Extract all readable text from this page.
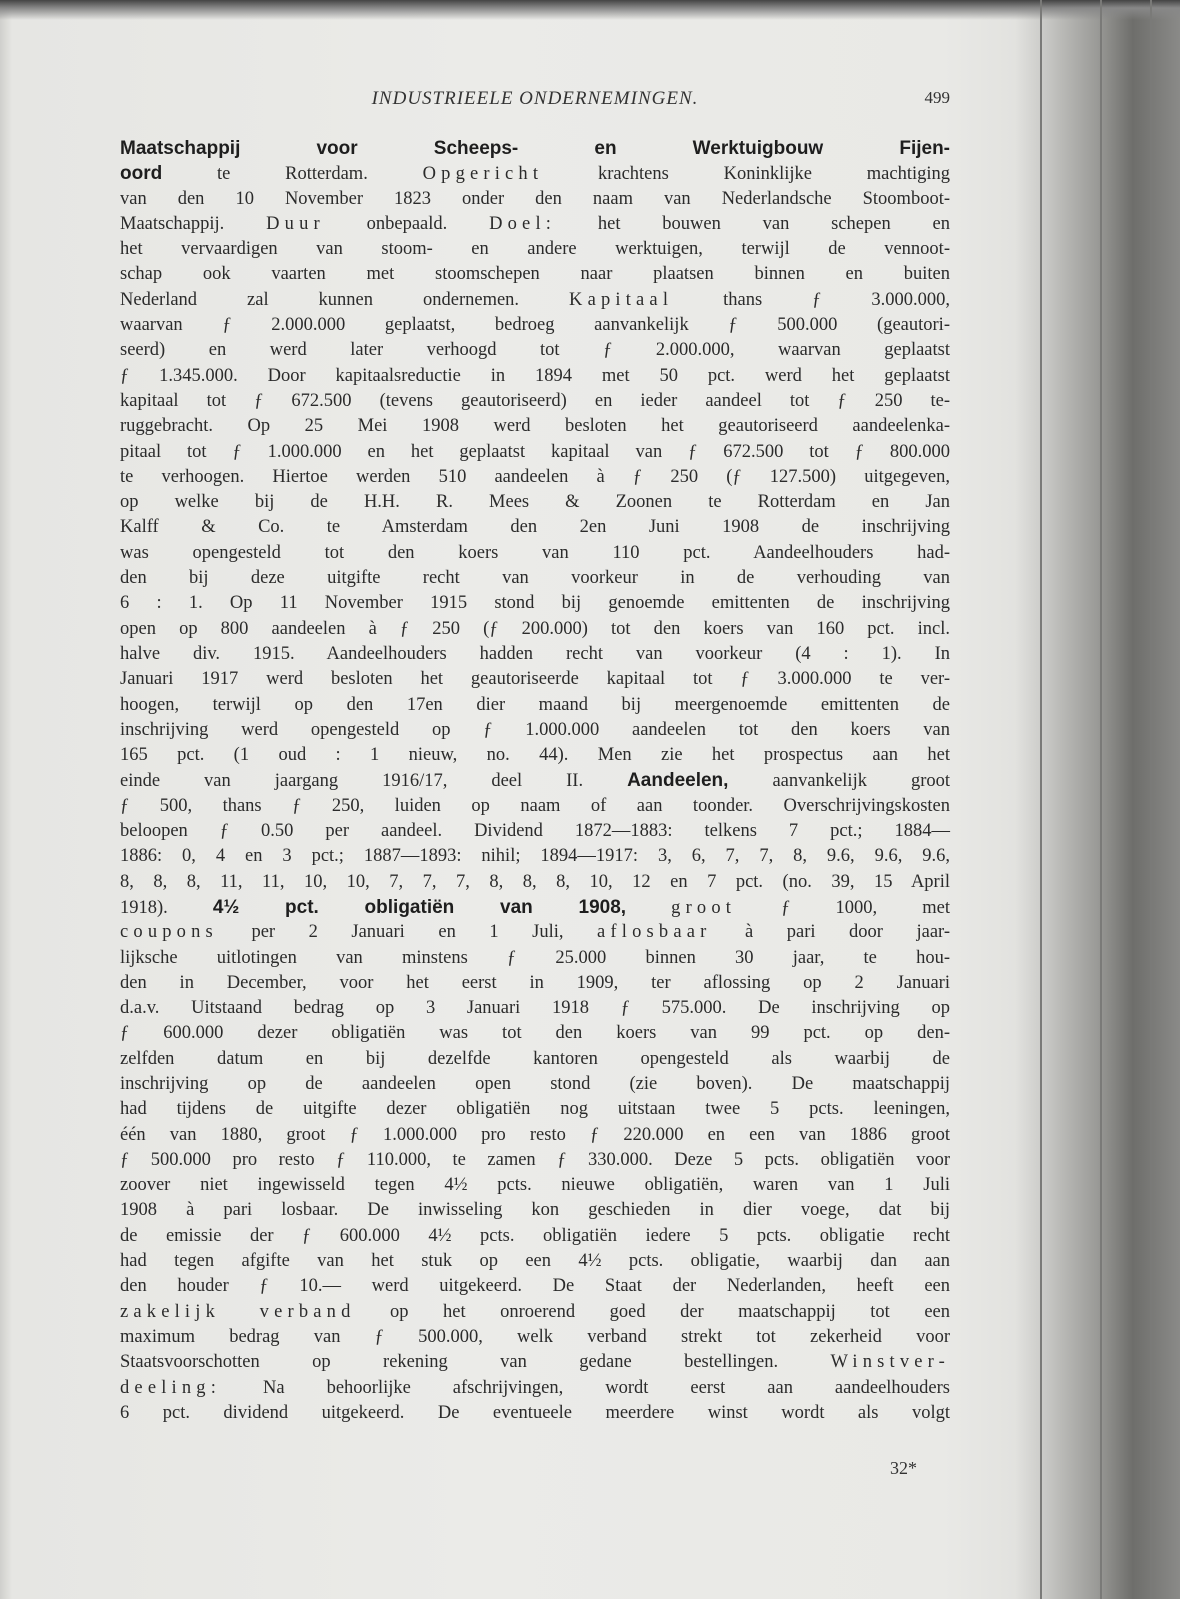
INDUSTRIEELE ONDERNEMINGEN.	499
Maatschappij voor Scheeps- en Werktuigbouw Fijen-
oord te Rotterdam. Opgericht krachtens Koninklijke machtiging
van den 10 November 1823 onder den naam van Nederlandsche Stoomboot-
Maatschappij. Duur onbepaald. Doel: het bouwen van schepen en
het vervaardigen van stoom- en andere werktuigen, terwijl de vennoot-
schap ook vaarten met stoomschepen naar plaatsen binnen en buiten
Nederland zal kunnen ondernemen. Kapitaal thans ƒ 3.000.000,
waarvan ƒ 2.000.000 geplaatst, bedroeg aanvankelijk ƒ 500.000 (geautori-
seerd) en werd later verhoogd tot ƒ 2.000.000, waarvan geplaatst
ƒ 1.345.000. Door kapitaalsreductie in 1894 met 50 pct. werd het geplaatst
kapitaal tot ƒ 672.500 (tevens geautoriseerd) en ieder aandeel tot ƒ 250 te-
ruggebracht. Op 25 Mei 1908 werd besloten het geautoriseerd aandeelenka-
pitaal tot ƒ 1.000.000 en het geplaatst kapitaal van ƒ 672.500 tot ƒ 800.000
te verhoogen. Hiertoe werden 510 aandeelen à ƒ 250 (ƒ 127.500) uitgegeven,
op welke bij de H.H. R. Mees & Zoonen te Rotterdam en Jan
Kalff & Co. te Amsterdam den 2en Juni 1908 de inschrijving
was opengesteld tot den koers van 110 pct. Aandeelhouders had-
den bij deze uitgifte recht van voorkeur in de verhouding van
6 : 1. Op 11 November 1915 stond bij genoemde emittenten de inschrijving
open op 800 aandeelen à ƒ 250 (ƒ 200.000) tot den koers van 160 pct. incl.
halve div. 1915. Aandeelhouders hadden recht van voorkeur (4 : 1). In
Januari 1917 werd besloten het geautoriseerde kapitaal tot ƒ 3.000.000 te ver-
hoogen, terwijl op den 17en dier maand bij meergenoemde emittenten de
inschrijving werd opengesteld op ƒ 1.000.000 aandeelen tot den koers van
165 pct. (1 oud : 1 nieuw, no. 44). Men zie het prospectus aan het
einde van jaargang 1916/17, deel II. Aandeelen, aanvankelijk groot
ƒ 500, thans ƒ 250, luiden op naam of aan toonder. Overschrijvingskosten
beloopen ƒ 0.50 per aandeel. Dividend 1872—1883: telkens 7 pct.; 1884—
1886: 0, 4 en 3 pct.; 1887—1893: nihil; 1894—1917: 3, 6, 7, 7, 8, 9.6, 9.6, 9.6,
8, 8, 8, 11, 11, 10, 10, 7, 7, 7, 8, 8, 8, 10, 12 en 7 pct. (no. 39, 15 April
1918). 4½ pct. obligatiën van 1908, groot ƒ 1000, met
coupons per 2 Januari en 1 Juli, aflosbaar à pari door jaar-
lijksche uitlotingen van minstens ƒ 25.000 binnen 30 jaar, te hou-
den in December, voor het eerst in 1909, ter aflossing op 2 Januari
d.a.v. Uitstaand bedrag op 3 Januari 1918 ƒ 575.000. De inschrijving op
ƒ 600.000 dezer obligatiën was tot den koers van 99 pct. op den-
zelfden datum en bij dezelfde kantoren opengesteld als waarbij de
inschrijving op de aandeelen open stond (zie boven). De maatschappij
had tijdens de uitgifte dezer obligatiën nog uitstaan twee 5 pcts. leeningen,
één van 1880, groot ƒ 1.000.000 pro resto ƒ 220.000 en een van 1886 groot
ƒ 500.000 pro resto ƒ 110.000, te zamen ƒ 330.000. Deze 5 pcts. obligatiën voor
zoover niet ingewisseld tegen 4½ pcts. nieuwe obligatiën, waren van 1 Juli
1908 à pari losbaar. De inwisseling kon geschieden in dier voege, dat bij
de emissie der ƒ 600.000 4½ pcts. obligatiën iedere 5 pcts. obligatie recht
had tegen afgifte van het stuk op een 4½ pcts. obligatie, waarbij dan aan
den houder ƒ 10.— werd uitgekeerd. De Staat der Nederlanden, heeft een
zakelijk verband op het onroerend goed der maatschappij tot een
maximum bedrag van ƒ 500.000, welk verband strekt tot zekerheid voor
Staatsvoorschotten op rekening van gedane bestellingen. Winstver-
deeling: Na behoorlijke afschrijvingen, wordt eerst aan aandeelhouders
6 pct. dividend uitgekeerd. De eventueele meerdere winst wordt als volgt
32*
